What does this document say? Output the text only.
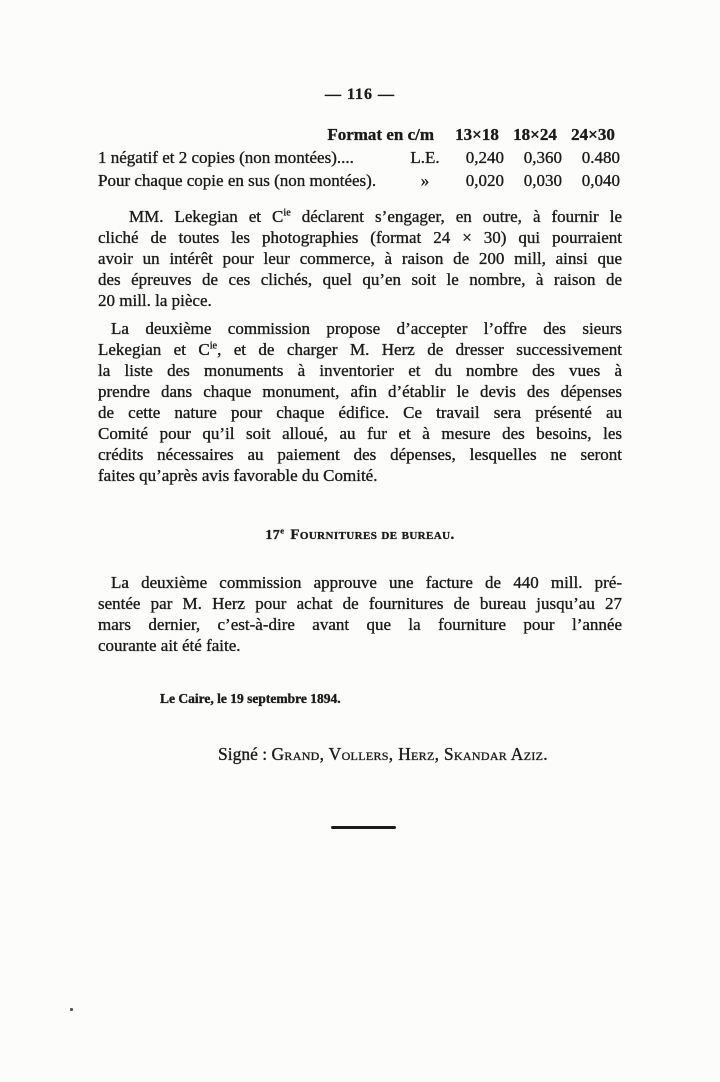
— 116 —
Format en c/m	13×18 18×24 24×30
1 négatif et 2 copies (non montées)....	L.E.	0,240	0,360	0.480
Pour chaque copie en sus (non montées).	»	0,020	0,030	0,040
MM. Lekegian et $C^{ie}$ déclarent s’engager, en outre, à fournir le
cliché de toutes les photographies (format 24 × 30) qui pourraient
avoir un intérêt pour leur commerce, à raison de 200 mill, ainsi que
des épreuves de ces clichés, quel qu’en soit le nombre, à raison de
20 mill. la pièce.
La deuxième commission propose d’accepter l’offre des sieurs
Lekegian et $C^{ie}$, et de charger M. Herz de dresser successivement
la liste des monuments à inventorier et du nombre des vues à
prendre dans chaque monument, afin d’établir le devis des dépenses
de cette nature pour chaque édifice. Ce travail sera présenté au
Comité pour qu’il soit alloué, au fur et à mesure des besoins, les
crédits nécessaires au paiement des dépenses, lesquelles ne seront
faites qu’après avis favorable du Comité.
17e Fournitures de bureau.
La deuxième commission approuve une facture de 440 mill. pré-
sentée par M. Herz pour achat de fournitures de bureau jusqu’au 27
mars dernier, c’est-à-dire avant que la fourniture pour l’année
courante ait été faite.
Le Caire, le 19 septembre 1894.
Signé : Grand, Vollers, Herz, Skandar Aziz.
